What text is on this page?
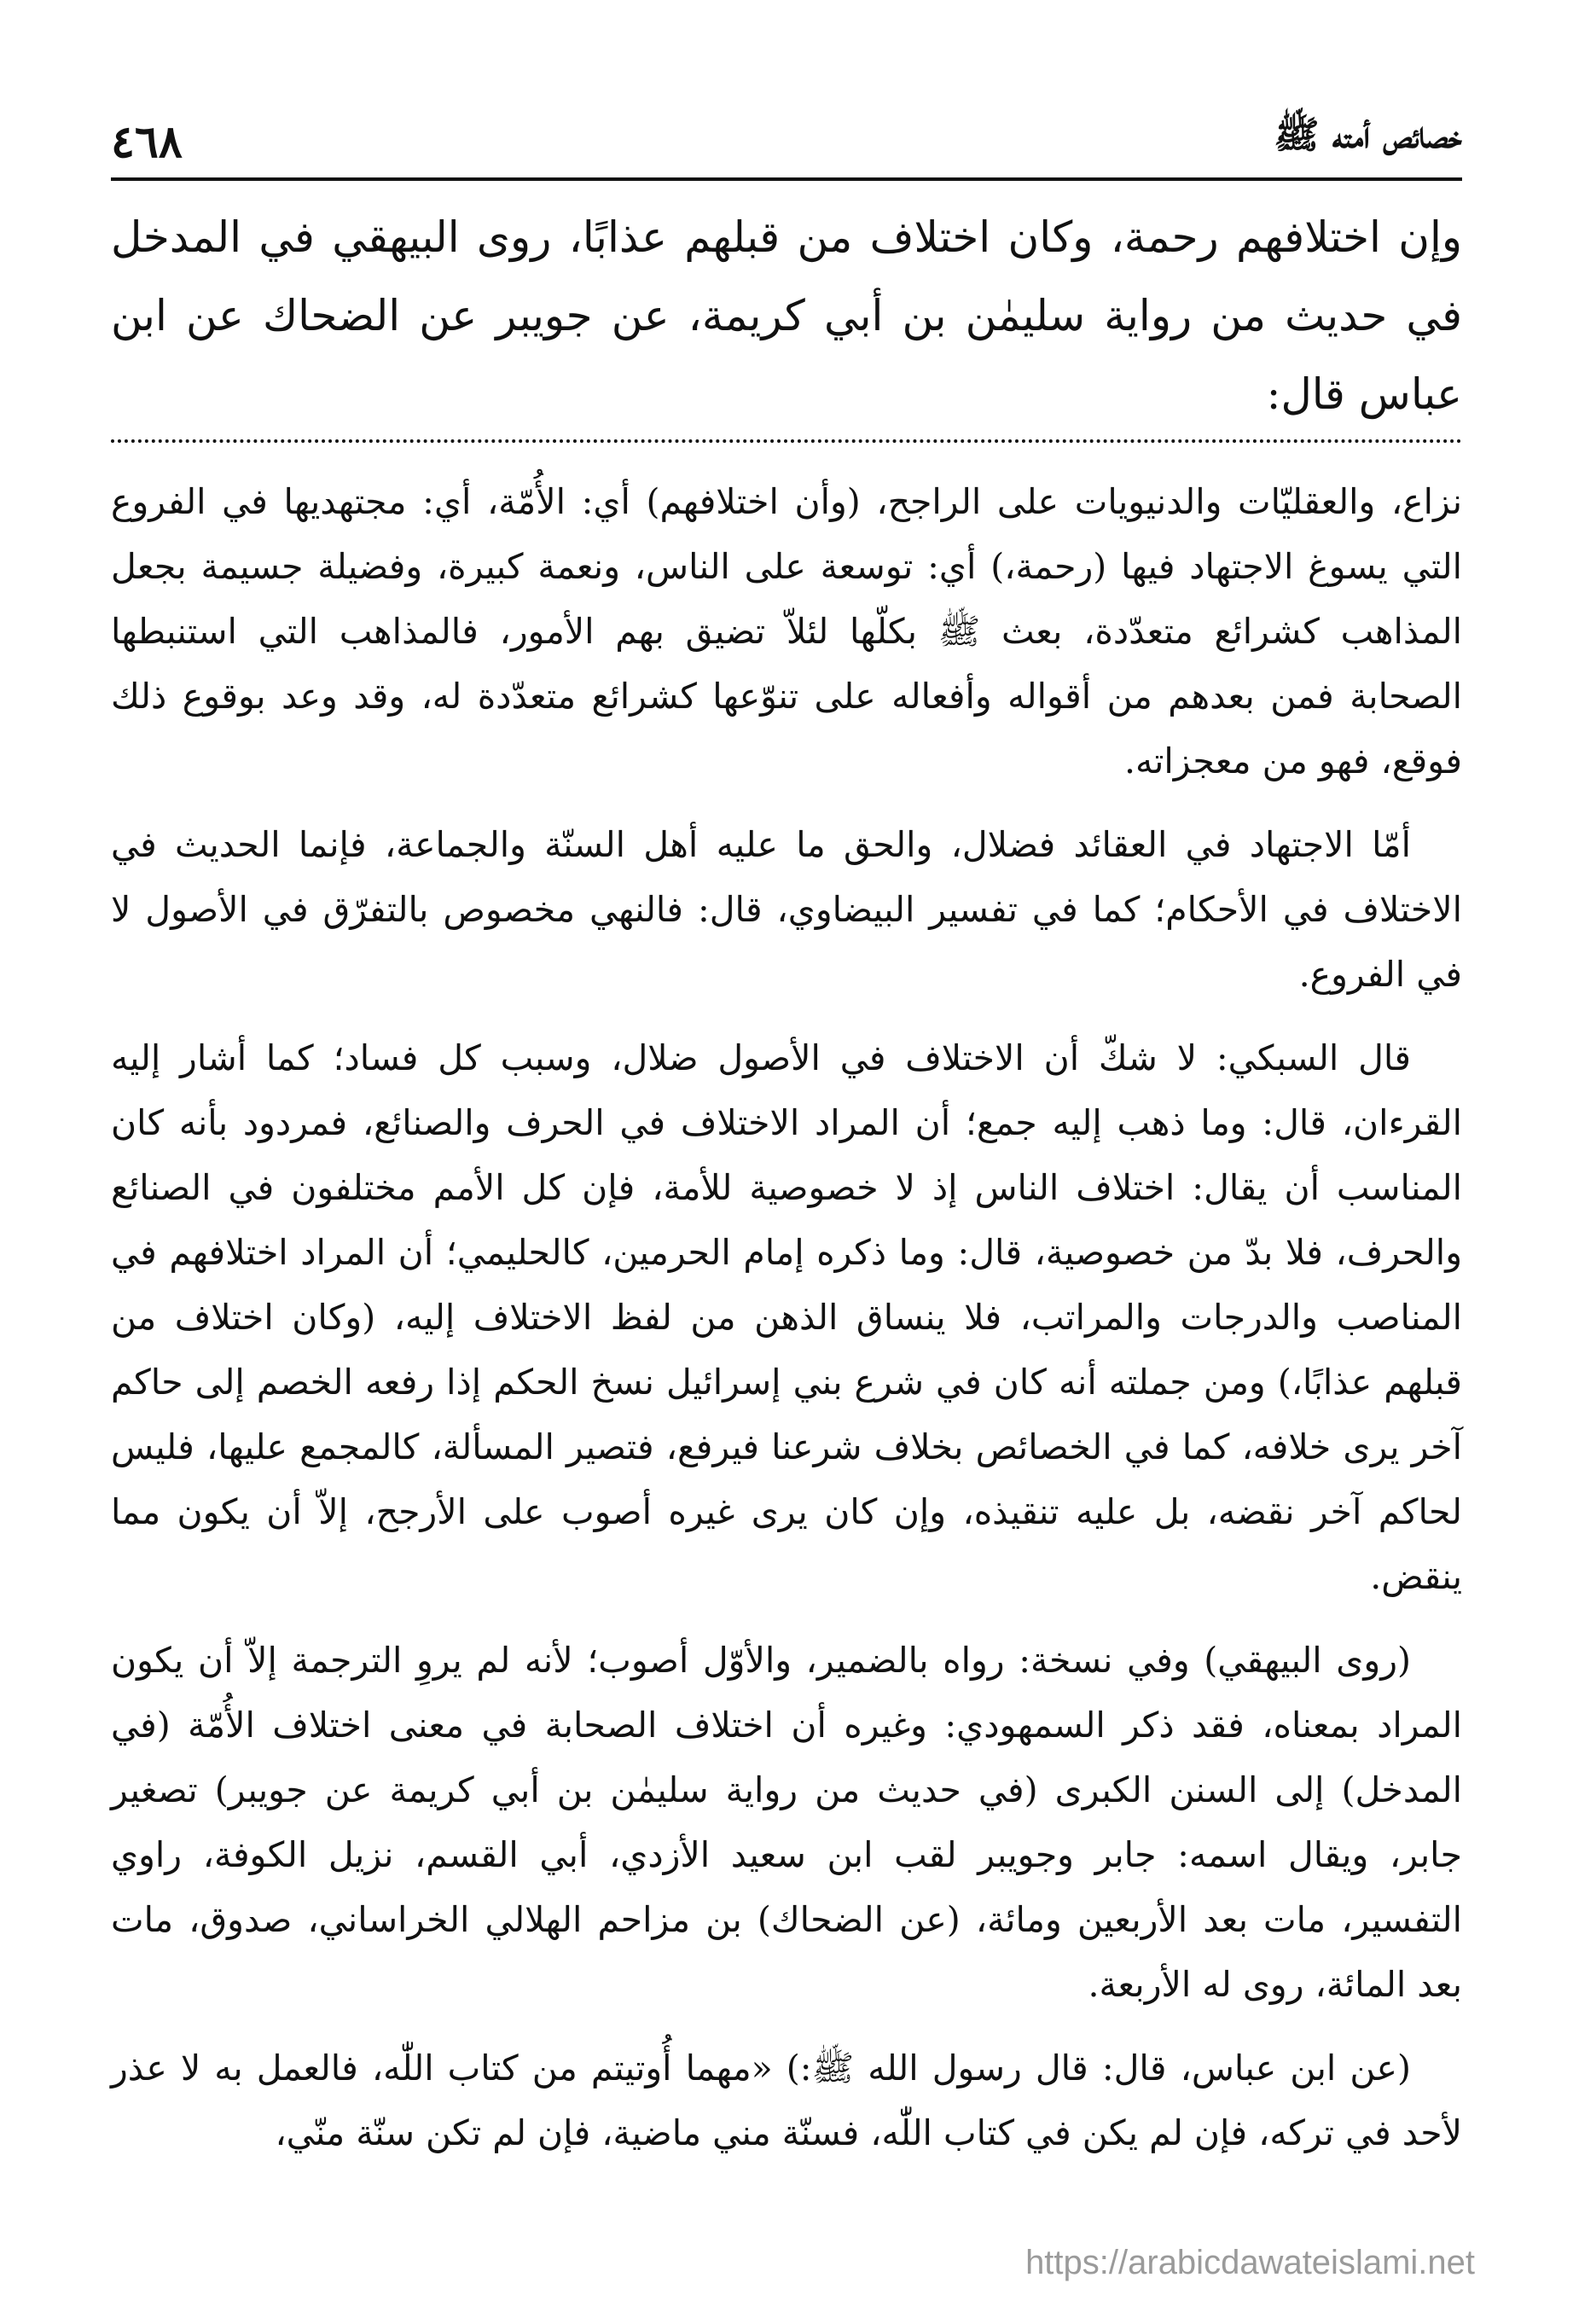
٤٦٨	خصائص أمته ﷺ
وإن اختلافهم رحمة، وكان اختلاف من قبلهم عذابًا، روى البيهقي في المدخل في حديث من رواية سليمٰن بن أبي كريمة، عن جويبر عن الضحاك عن ابن عباس قال:

نزاع، والعقليّات والدنيويات على الراجح، (وأن اختلافهم) أي: الأُمّة، أي: مجتهديها في الفروع التي يسوغ الاجتهاد فيها (رحمة،) أي: توسعة على الناس، ونعمة كبيرة، وفضيلة جسيمة بجعل المذاهب كشرائع متعدّدة، بعث ﷺ بكلّها لئلاّ تضيق بهم الأمور، فالمذاهب التي استنبطها الصحابة فمن بعدهم من أقواله وأفعاله على تنوّعها كشرائع متعدّدة له، وقد وعد بوقوع ذلك فوقع، فهو من معجزاته.

أمّا الاجتهاد في العقائد فضلال، والحق ما عليه أهل السنّة والجماعة، فإنما الحديث في الاختلاف في الأحكام؛ كما في تفسير البيضاوي، قال: فالنهي مخصوص بالتفرّق في الأصول لا في الفروع.

قال السبكي: لا شكّ أن الاختلاف في الأصول ضلال، وسبب كل فساد؛ كما أشار إليه القرءان، قال: وما ذهب إليه جمع؛ أن المراد الاختلاف في الحرف والصنائع، فمردود بأنه كان المناسب أن يقال: اختلاف الناس إذ لا خصوصية للأمة، فإن كل الأمم مختلفون في الصنائع والحرف، فلا بدّ من خصوصية، قال: وما ذكره إمام الحرمين، كالحليمي؛ أن المراد اختلافهم في المناصب والدرجات والمراتب، فلا ينساق الذهن من لفظ الاختلاف إليه، (وكان اختلاف من قبلهم عذابًا،) ومن جملته أنه كان في شرع بني إسرائيل نسخ الحكم إذا رفعه الخصم إلى حاكم آخر يرى خلافه، كما في الخصائص بخلاف شرعنا فيرفع، فتصير المسألة، كالمجمع عليها، فليس لحاكم آخر نقضه، بل عليه تنقيذه، وإن كان يرى غيره أصوب على الأرجح، إلاّ أن يكون مما ينقض.

(روى البيهقي) وفي نسخة: رواه بالضمير، والأوّل أصوب؛ لأنه لم يروِ الترجمة إلاّ أن يكون المراد بمعناه، فقد ذكر السمهودي: وغيره أن اختلاف الصحابة في معنى اختلاف الأُمّة (في المدخل) إلى السنن الكبرى (في حديث من رواية سليمٰن بن أبي كريمة عن جويبر) تصغير جابر، ويقال اسمه: جابر وجويبر لقب ابن سعيد الأزدي، أبي القسم، نزيل الكوفة، راوي التفسير، مات بعد الأربعين ومائة، (عن الضحاك) بن مزاحم الهلالي الخراساني، صدوق، مات بعد المائة، روى له الأربعة.

(عن ابن عباس، قال: قال رسول الله ﷺ:) «مهما أُوتيتم من كتاب اللّٰه، فالعمل به لا عذر لأحد في تركه، فإن لم يكن في كتاب اللّٰه، فسنّة مني ماضية، فإن لم تكن سنّة منّي،

https://arabicdawateislami.net
